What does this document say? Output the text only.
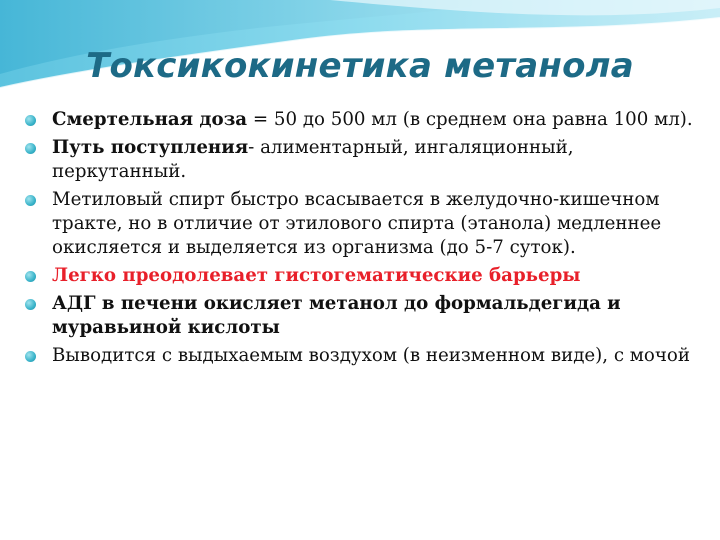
Токсикокинетика метанола
Смертельная доза = 50 до 500 мл (в среднем она равна 100 мл).
Путь поступления- алиментарный, ингаляционный, перкутанный.
Метиловый спирт быстро всасывается в желудочно-кишечном тракте, но в отличие от этилового спирта (этанола) медленнее окисляется и выделяется из организма (до 5-7 суток).
Легко преодолевает гистогематические барьеры
АДГ в печени окисляет метанол до формальдегида и муравьиной кислоты
Выводится с выдыхаемым воздухом (в неизменном виде), с мочой
